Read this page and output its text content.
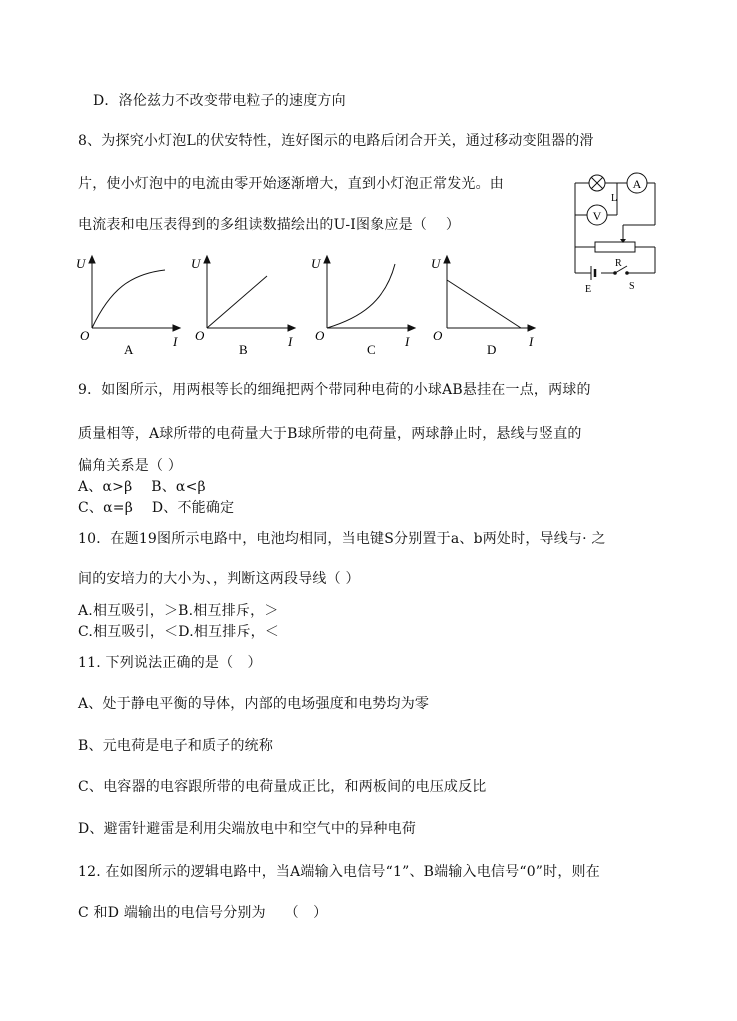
D．洛伦兹力不改变带电粒子的速度方向
8、为探究小灯泡L的伏安特性，连好图示的电路后闭合开关，通过移动变阻器的滑
片，使小灯泡中的电流由零开始逐渐增大，直到小灯泡正常发光。由
电流表和电压表得到的多组读数描绘出的U-I图象应是（　 ）
A
L
V
R
E	S
U
O	I
A
U
O	I
B
U
O	I
C
U
O	I
D
9．如图所示，用两根等长的细绳把两个带同种电荷的小球AB悬挂在一点，两球的
质量相等，A球所带的电荷量大于B球所带的电荷量，两球静止时，悬线与竖直的
偏角关系是（ ）
A、α>β　 B、α<β
C、α=β　 D、不能确定
10．在题19图所示电路中，电池均相同，当电键S分别置于a、b两处时，导线与· 之
间的安培力的大小为、，判断这两段导线（ ）
A.相互吸引，＞B.相互排斥，＞
C.相互吸引，＜D.相互排斥，＜
11. 下列说法正确的是（　）
A、处于静电平衡的导体，内部的电场强度和电势均为零
B、元电荷是电子和质子的统称
C、电容器的电容跟所带的电荷量成正比，和两板间的电压成反比
D、避雷针避雷是利用尖端放电中和空气中的异种电荷
12. 在如图所示的逻辑电路中，当A端输入电信号“1”、B端输入电信号“0”时，则在
C 和D 端输出的电信号分别为　 （　）
